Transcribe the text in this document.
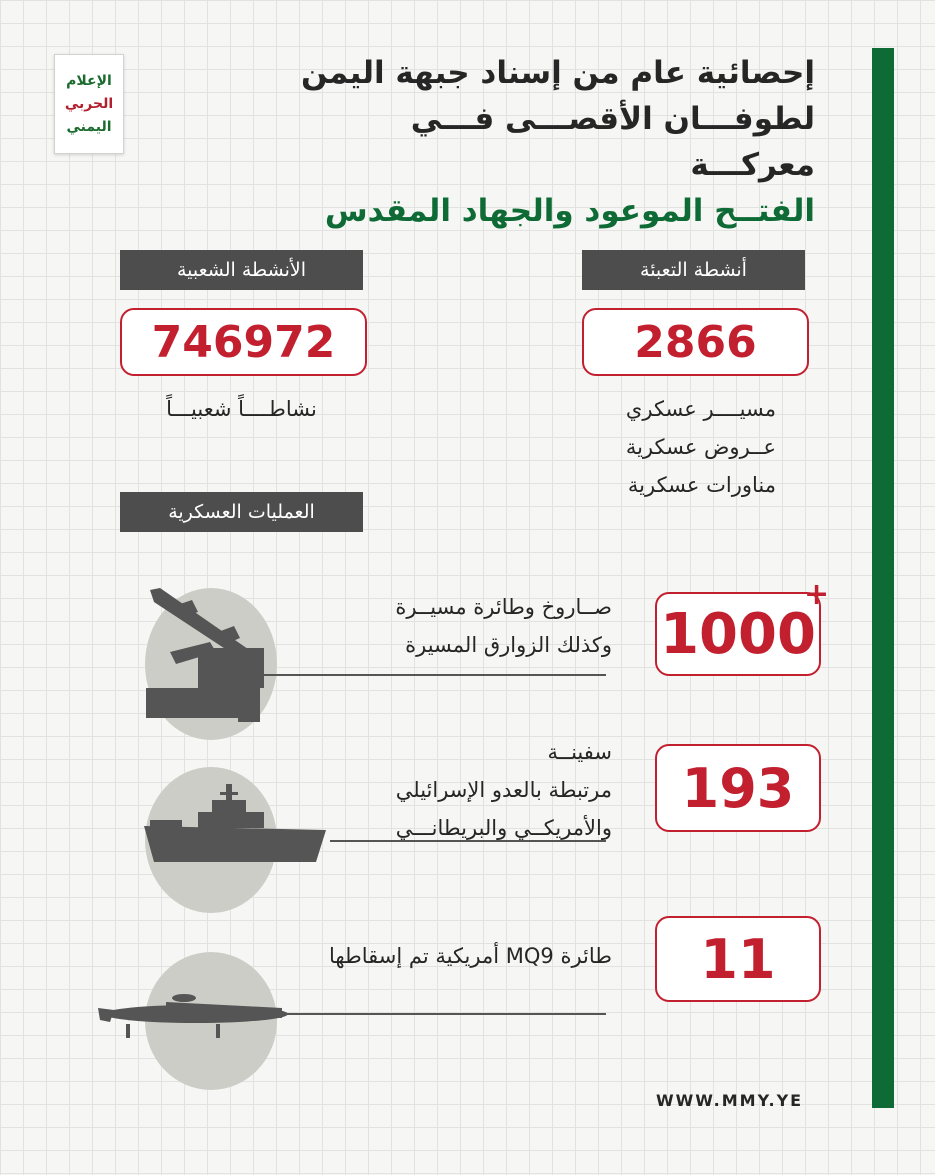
الإعلام
الحربي
اليمني
إحصائية عام من إسناد جبهة اليمن
لطوفـــان الأقصـــى فـــي معركـــة
الفتــح الموعود والجهاد المقدس
أنشطة التعبئة
2866
مسيــــر عسكري
عــروض عسكرية
مناورات عسكرية
الأنشطة الشعبية
746972
نشاطــــاً شعبيـــاً
العمليات العسكرية
صــاروخ وطائرة مسيــرة
وكذلك الزوارق المسيرة 1000
+
سفينــة
مرتبطة بالعدو الإسرائيلي
والأمريكــي والبريطانـــي
193
طائرة MQ9 أمريكية تم إسقاطها	11
WWW.MMY.YE
